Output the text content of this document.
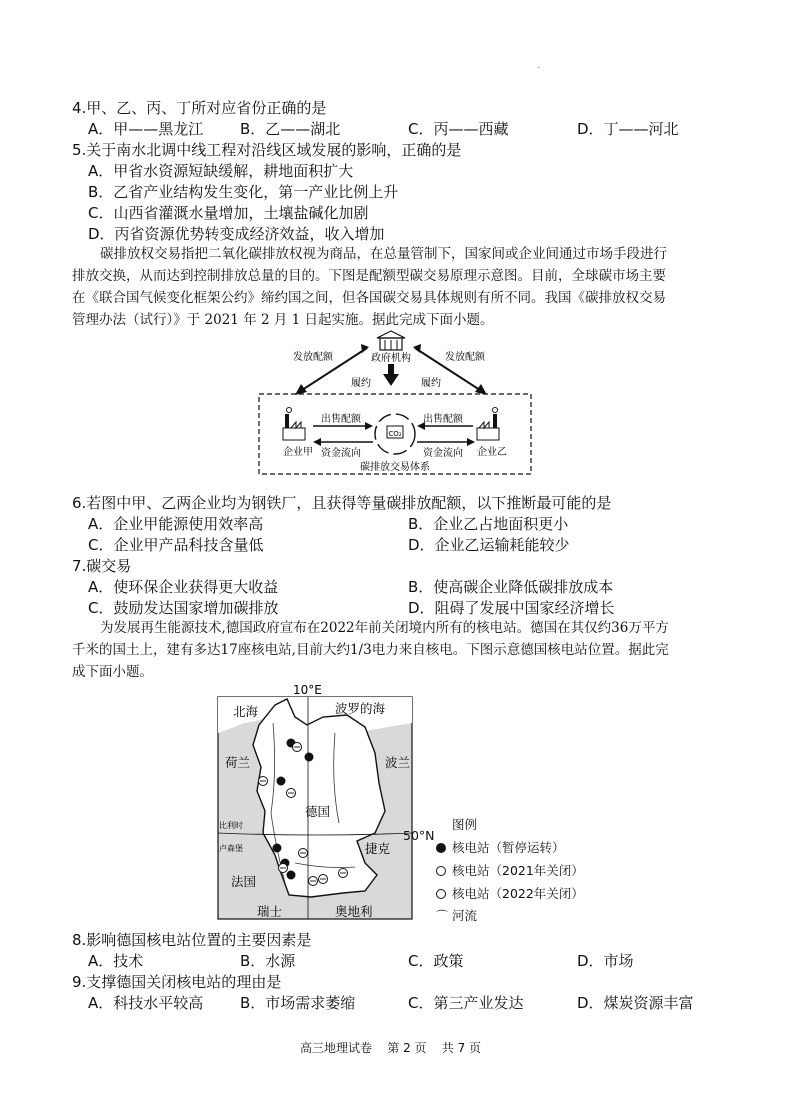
.
4.甲、乙、丙、丁所对应省份正确的是
A．甲——黑龙江 B．乙——湖北	C．丙——西藏	D．丁——河北
5.关于南水北调中线工程对沿线区域发展的影响，正确的是
A．甲省水资源短缺缓解，耕地面积扩大
B．乙省产业结构发生变化，第一产业比例上升
C．山西省灌溉水量增加，土壤盐碱化加剧
D．丙省资源优势转变成经济效益，收入增加
碳排放权交易指把二氧化碳排放权视为商品，在总量管制下，国家间或企业间通过市场手段进行
排放交换，从而达到控制排放总量的目的。下图是配额型碳交易原理示意图。目前，全球碳市场主要
在《联合国气候变化框架公约》缔约国之间，但各国碳交易具体规则有所不同。我国《碳排放权交易
管理办法（试行）》于 2021 年 2 月 1 日起实施。据此完成下面小题。
政府机构
发放配额	发放配额
履约	履约
企业甲	企业乙
CO₂
出售配额
资金流向
出售配额
资金流向
碳排放交易体系
6.若图中甲、乙两企业均为钢铁厂，且获得等量碳排放配额，以下推断最可能的是
A．企业甲能源使用效率高	B．企业乙占地面积更小
C．企业甲产品科技含量低	D．企业乙运输耗能较少
7.碳交易
A．使环保企业获得更大收益	B．使高碳企业降低碳排放成本
C．鼓励发达国家增加碳排放	D．阻碍了发展中国家经济增长
为发展再生能源技术,德国政府宣布在2022年前关闭境内所有的核电站。德国在其仅约36万平方
千米的国土上，建有多达17座核电站,目前大约1/3电力来自核电。下图示意德国核电站位置。据此完
成下面小题。
10°E
北海	波罗的海
荷兰	波兰
德国
比利时
卢森堡	捷克
法国
瑞士	奥地利
50°N
图例
核电站（暂停运转）
核电站（2021年关闭）
核电站（2022年关闭）
⌒ 河流
8.影响德国核电站位置的主要因素是
A．技术	B．水源	C．政策	D．市场
9.支撑德国关闭核电站的理由是
A．科技水平较高 B．市场需求萎缩	C．第三产业发达	D．煤炭资源丰富
高三地理试卷    第 2 页    共 7 页
